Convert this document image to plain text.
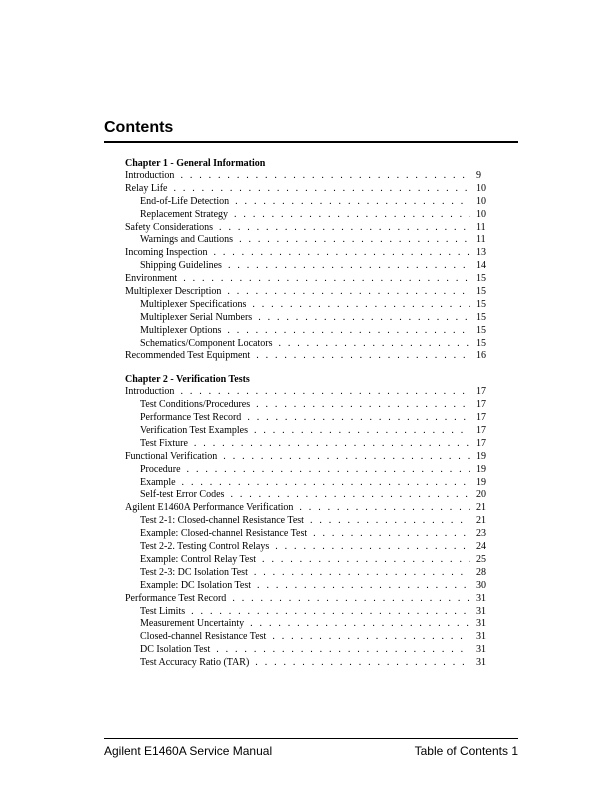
Contents
Chapter 1 - General Information
Introduction . . .	9
Relay Life . . .	10
End-of-Life Detection . . .	10
Replacement Strategy . . .	10
Safety Considerations . . .	11
Warnings and Cautions . . .	11
Incoming Inspection . . .	13
Shipping Guidelines . . .	14
Environment . . .	15
Multiplexer Description . . .	15
Multiplexer Specifications . . .	15
Multiplexer Serial Numbers . . .	15
Multiplexer Options . . .	15
Schematics/Component Locators . . .	15
Recommended Test Equipment . . .	16
Chapter 2 - Verification Tests
Introduction . . .	17
Test Conditions/Procedures . . .	17
Performance Test Record . . .	17
Verification Test Examples . . .	17
Test Fixture . . .	17
Functional Verification . . .	19
Procedure . . .	19
Example . . .	19
Self-test Error Codes . . .	20
Agilent E1460A Performance Verification . . .	21
Test 2-1: Closed-channel Resistance Test . . .	21
Example: Closed-channel Resistance Test . . .	23
Test 2-2. Testing Control Relays . . .	24
Example: Control Relay Test . . .	25
Test 2-3: DC Isolation Test . . .	28
Example: DC Isolation Test . . .	30
Performance Test Record . . .	31
Test Limits . . .	31
Measurement Uncertainty . . .	31
Closed-channel Resistance Test . . .	31
DC Isolation Test . . .	31
Test Accuracy Ratio (TAR) . . .	31
Agilent E1460A Service Manual	Table of Contents 1
